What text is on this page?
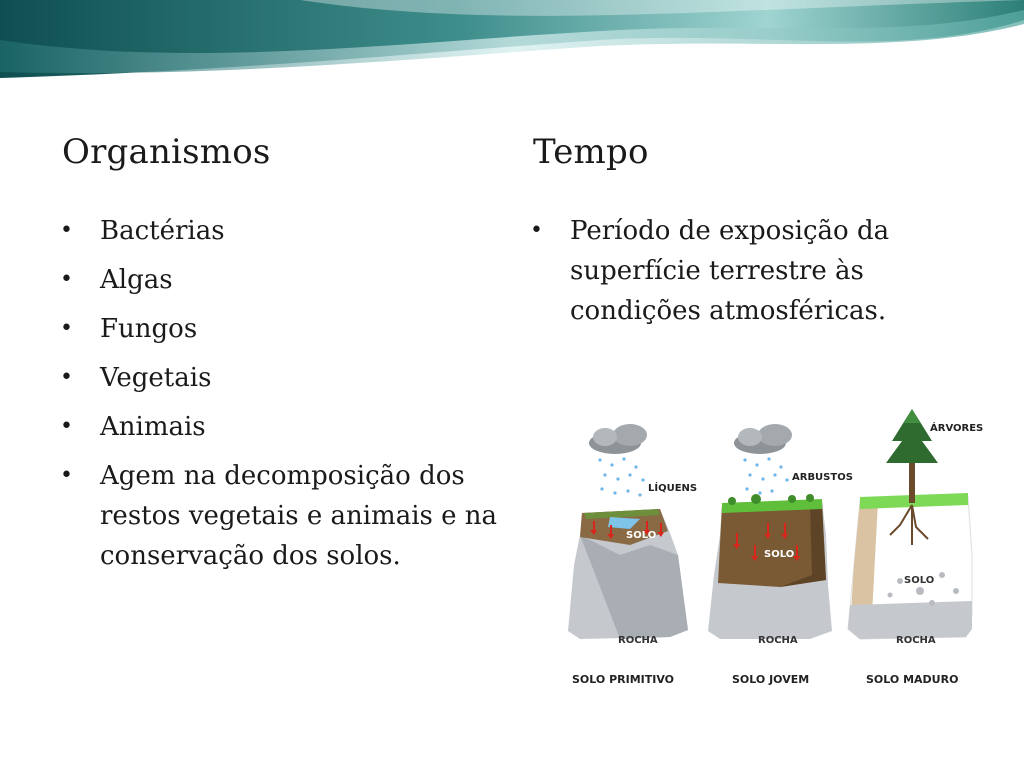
Organismos	Tempo
• Bactérias
• Algas
• Fungos
• Vegetais
• Animais
• Agem na decomposição dos restos vegetais e animais e na conservação dos solos.
• Período de exposição da superfície terrestre às condições atmosféricas.
SOLO
LÍQUENS
ROCHA
SOLO PRIMITIVO
SOLO
ARBUSTOS
ROCHA
SOLO JOVEM
ÁRVORES
SOLO
ROCHA
SOLO MADURO
